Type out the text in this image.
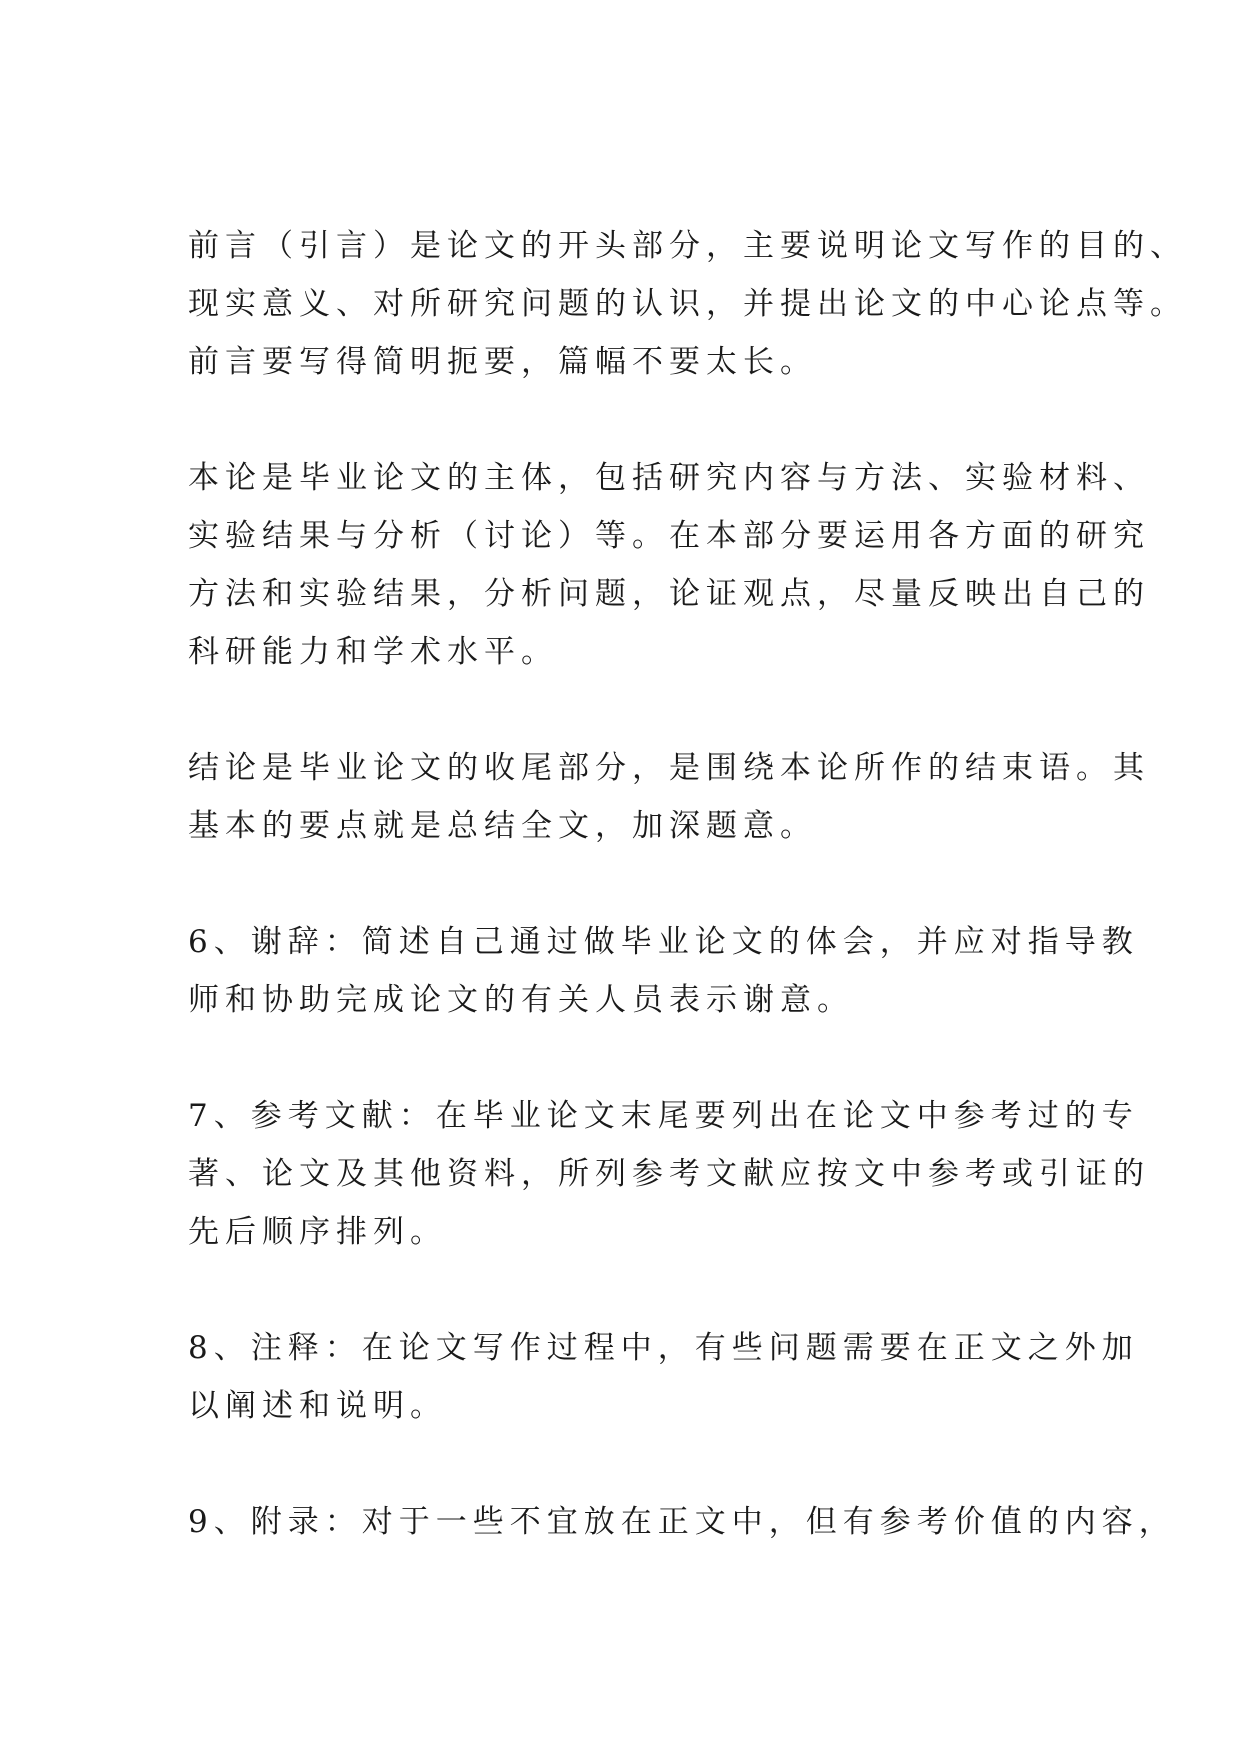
前言（引言）是论文的开头部分，主要说明论文写作的目的、
现实意义、对所研究问题的认识，并提出论文的中心论点等。
前言要写得简明扼要，篇幅不要太长。
本论是毕业论文的主体，包括研究内容与方法、实验材料、
实验结果与分析（讨论）等。在本部分要运用各方面的研究
方法和实验结果，分析问题，论证观点，尽量反映出自己的
科研能力和学术水平。
结论是毕业论文的收尾部分，是围绕本论所作的结束语。其
基本的要点就是总结全文，加深题意。
6、谢辞：简述自己通过做毕业论文的体会，并应对指导教
师和协助完成论文的有关人员表示谢意。
7、参考文献：在毕业论文末尾要列出在论文中参考过的专
著、论文及其他资料，所列参考文献应按文中参考或引证的
先后顺序排列。
8、注释：在论文写作过程中，有些问题需要在正文之外加
以阐述和说明。
9、附录：对于一些不宜放在正文中，但有参考价值的内容，
